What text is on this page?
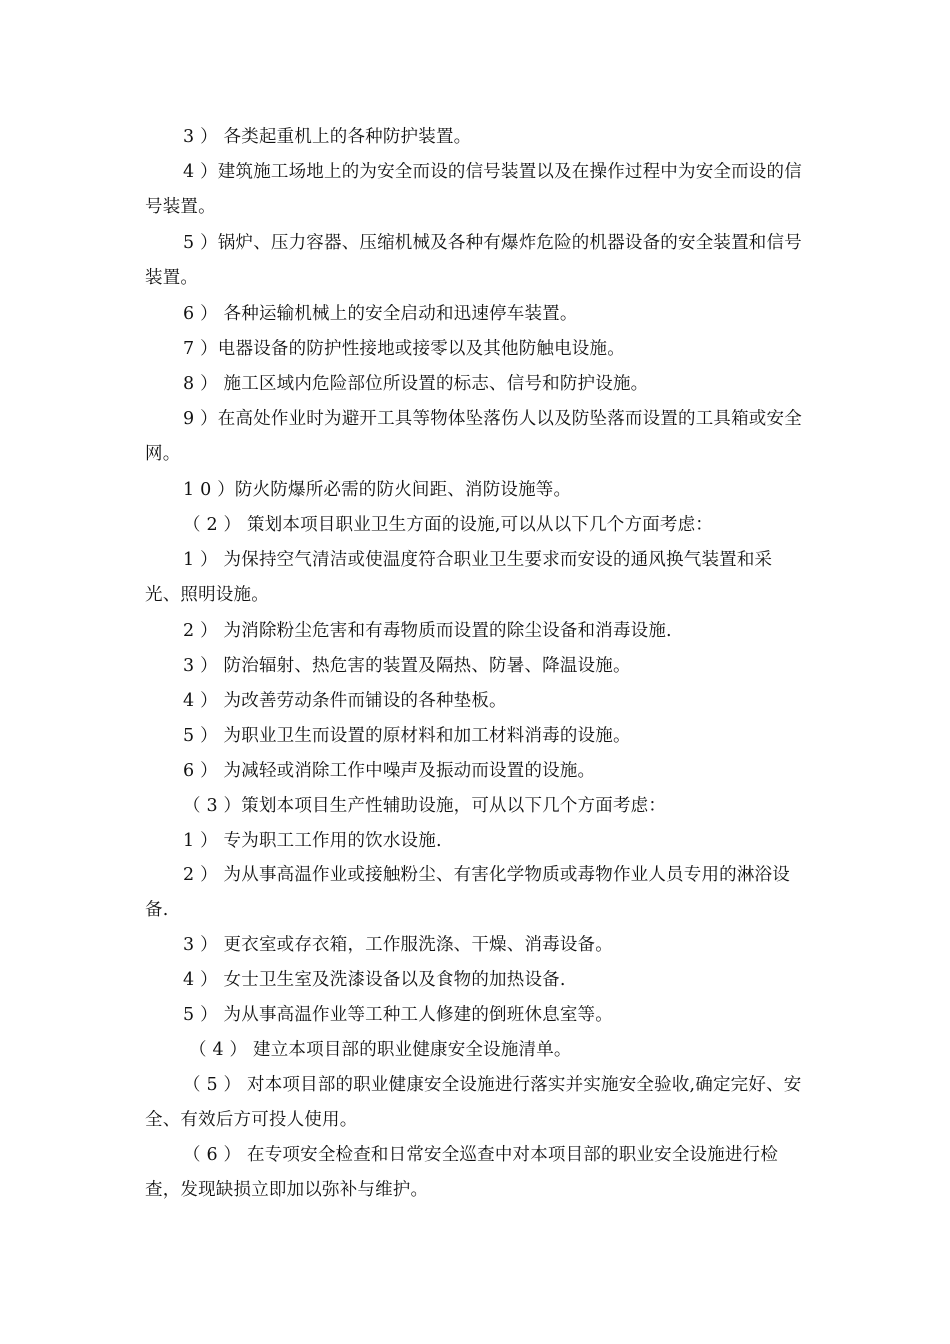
3 ） 各类起重机上的各种防护装置。

4 ）建筑施工场地上的为安全而设的信号装置以及在操作过程中为安全而设的信号装置。

5 ）锅炉、压力容器、压缩机械及各种有爆炸危险的机器设备的安全装置和信号装置。

6 ） 各种运输机械上的安全启动和迅速停车装置。

7 ）电器设备的防护性接地或接零以及其他防触电设施。

8 ） 施工区域内危险部位所设置的标志、信号和防护设施。

9 ）在高处作业时为避开工具等物体坠落伤人以及防坠落而设置的工具箱或安全网。

1 0 ）防火防爆所必需的防火间距、消防设施等。

（ 2 ） 策划本项目职业卫生方面的设施,可以从以下几个方面考虑：

1 ） 为保持空气清洁或使温度符合职业卫生要求而安设的通风换气装置和采光、照明设施。

2 ） 为消除粉尘危害和有毒物质而设置的除尘设备和消毒设施.

3 ） 防治辐射、热危害的装置及隔热、防暑、降温设施。

4 ） 为改善劳动条件而铺设的各种垫板。

5 ） 为职业卫生而设置的原材料和加工材料消毒的设施。

6 ） 为减轻或消除工作中噪声及振动而设置的设施。

（ 3 ）策划本项目生产性辅助设施，可从以下几个方面考虑：

1 ） 专为职工工作用的饮水设施.

2 ） 为从事高温作业或接触粉尘、有害化学物质或毒物作业人员专用的淋浴设备.

3 ） 更衣室或存衣箱，工作服洗涤、干燥、消毒设备。

4 ） 女士卫生室及洗漆设备以及食物的加热设备.

5 ） 为从事高温作业等工种工人修建的倒班休息室等。

（ 4 ） 建立本项目部的职业健康安全设施清单。

（ 5 ） 对本项目部的职业健康安全设施进行落实并实施安全验收,确定完好、安全、有效后方可投人使用。

（ 6 ） 在专项安全检查和日常安全巡查中对本项目部的职业安全设施进行检查，发现缺损立即加以弥补与维护。
